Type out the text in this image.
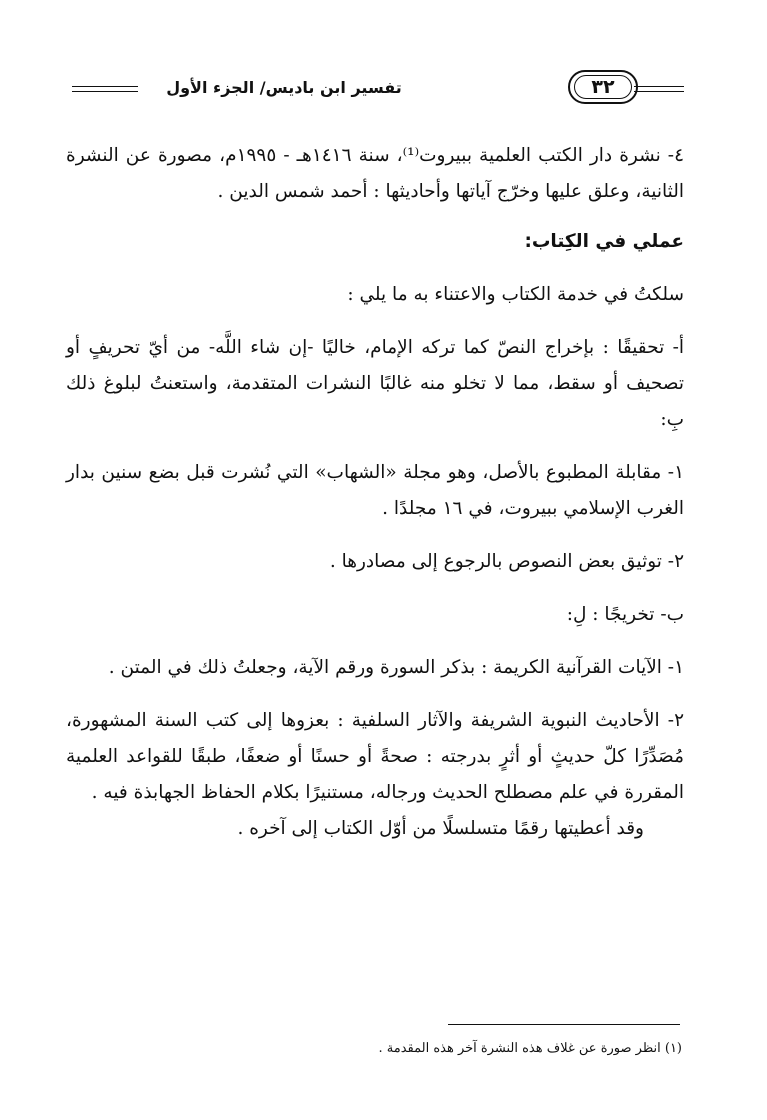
تفسير ابن باديس/ الجزء الأول	٣٢

٤- نشرة دار الكتب العلمية ببيروت⁽¹⁾، سنة ١٤١٦هـ - ١٩٩٥م، مصورة عن النشرة الثانية، وعلق عليها وخرّج آياتها وأحاديثها : أحمد شمس الدين .

عملي في الكِتاب:

سلكتُ في خدمة الكتاب والاعتناء به ما يلي :

أ- تحقيقًا : بإخراج النصّ كما تركه الإمام، خاليًا -إن شاء اللَّه- من أيّ تحريفٍ أو تصحيف أو سقط، مما لا تخلو منه غالبًا النشرات المتقدمة، واستعنتُ لبلوغ ذلك بِ:

١- مقابلة المطبوع بالأصل، وهو مجلة «الشهاب» التي نُشرت قبل بضع سنين بدار الغرب الإسلامي ببيروت، في ١٦ مجلدًا .

٢- توثيق بعض النصوص بالرجوع إلى مصادرها .

ب- تخريجًا : لِ:

١- الآيات القرآنية الكريمة : بذكر السورة ورقم الآية، وجعلتُ ذلك في المتن .

٢- الأحاديث النبوية الشريفة والآثار السلفية : بعزوها إلى كتب السنة المشهورة، مُصَدِّرًا كلّ حديثٍ أو أثرٍ بدرجته : صحةً أو حسنًا أو ضعفًا، طبقًا للقواعد العلمية المقررة في علم مصطلح الحديث ورجاله، مستنيرًا بكلام الحفاظ الجهابذة فيه .

وقد أعطيتها رقمًا متسلسلًا من أوّل الكتاب إلى آخره .

(١) انظر صورة عن غلاف هذه النشرة آخر هذه المقدمة .
